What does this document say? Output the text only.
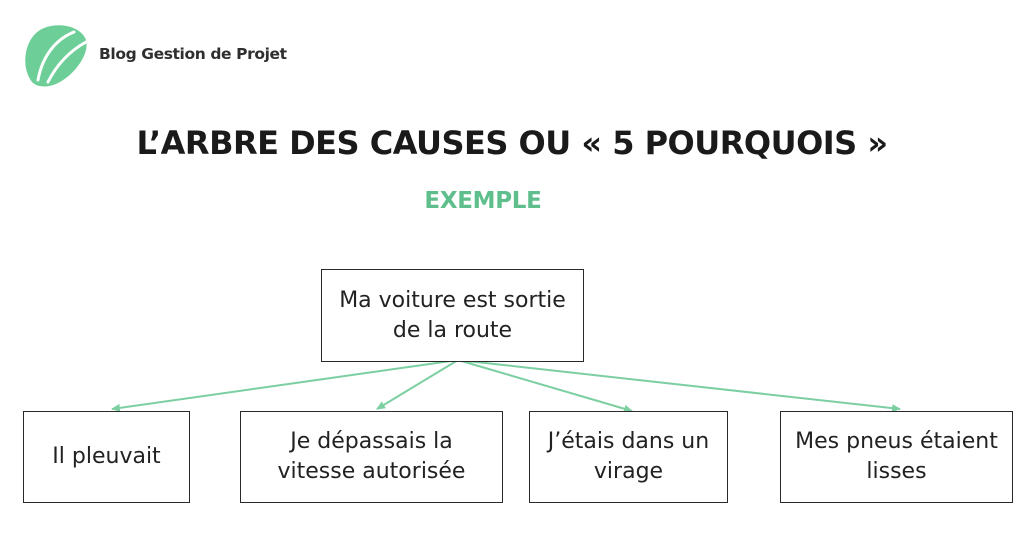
Blog Gestion de Projet
L’ARBRE DES CAUSES OU « 5 POURQUOIS »
EXEMPLE
Ma voiture est sortie de la route
Il pleuvait
Je dépassais la vitesse autorisée
J’étais dans un virage
Mes pneus étaient lisses
